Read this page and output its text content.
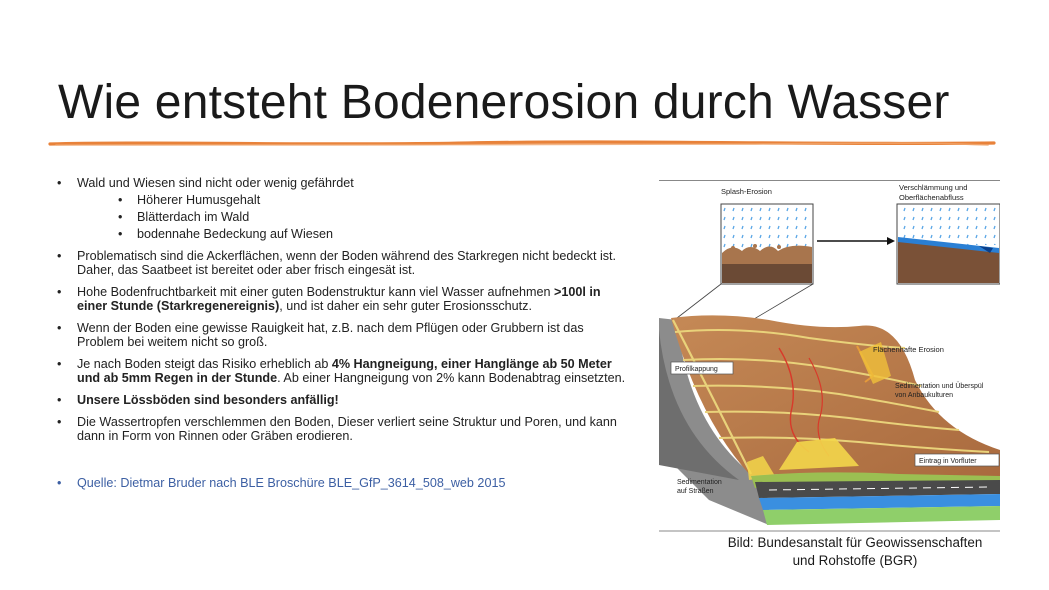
Wie entsteht Bodenerosion durch Wasser
• Wald und Wiesen sind nicht oder wenig gefährdet
• Höherer Humusgehalt
• Blätterdach im Wald
• bodennahe Bedeckung auf Wiesen
• Problematisch sind die Ackerflächen, wenn der Boden während des Starkregen nicht bedeckt ist. Daher, das Saatbeet ist bereitet oder aber frisch eingesät ist.
• Hohe Bodenfruchtbarkeit mit einer guten Bodenstruktur kann viel Wasser aufnehmen >100l in einer Stunde (Starkregenereignis), und ist daher ein sehr guter Erosionsschutz.
• Wenn der Boden eine gewisse Rauigkeit hat, z.B. nach dem Pflügen oder Grubbern ist das Problem bei weitem nicht so groß.
• Je nach Boden steigt das Risiko erheblich ab 4% Hangneigung, einer Hanglänge ab 50 Meter und ab 5mm Regen in der Stunde. Ab einer Hangneigung von 2% kann Bodenabtrag einsetzten.
• Unsere Lössböden sind besonders anfällig!
• Die Wassertropfen verschlemmen den Boden, Dieser verliert seine Struktur und Poren, und kann dann in Form von Rinnen oder Gräben erodieren.
• Quelle: Dietmar Bruder nach BLE Broschüre BLE_GfP_3614_508_web 2015
Splash-Erosion	Verschlämmung und
Oberflächenabfluss
Profilkappung
Flächenhafte Erosion
Sedimentation und Überspül
von Anbaukulturen
Eintrag in Vorfluter
Sedimentation
auf Straßen
Bild: Bundesanstalt für Geowissenschaften
und Rohstoffe (BGR)
